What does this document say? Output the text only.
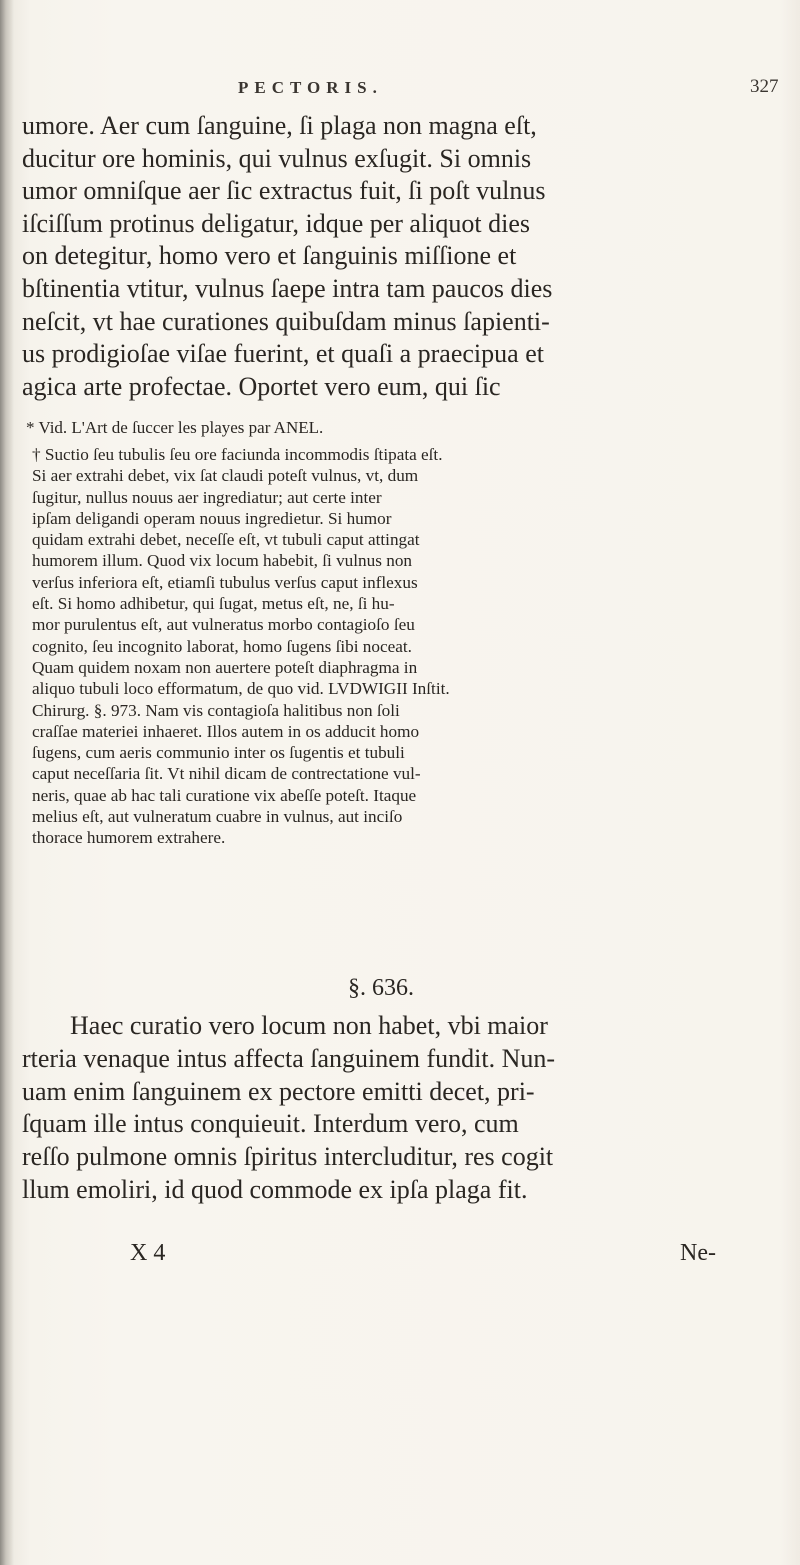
PECTORIS.	327
umore. Aer cum ſanguine, ſi plaga non magna eſt,
ducitur ore hominis, qui vulnus exſugit. Si omnis
umor omniſque aer ſic extractus fuit, ſi poſt vulnus
iſciſſum protinus deligatur, idque per aliquot dies
on detegitur, homo vero et ſanguinis miſſione et
bſtinentia vtitur, vulnus ſaepe intra tam paucos dies
neſcit, vt hae curationes quibuſdam minus ſapienti-
us prodigioſae viſae fuerint, et quaſi a praecipua et
agica arte profectae. Oportet vero eum, qui ſic
* Vid. L'Art de ſuccer les playes par ANEL.
† Suctio ſeu tubulis ſeu ore faciunda incommodis ſtipata eſt.
Si aer extrahi debet, vix ſat claudi poteſt vulnus, vt, dum
ſugitur, nullus nouus aer ingrediatur; aut certe inter
ipſam deligandi operam nouus ingredietur. Si humor
quidam extrahi debet, neceſſe eſt, vt tubuli caput attingat
humorem illum. Quod vix locum habebit, ſi vulnus non
verſus inferiora eſt, etiamſi tubulus verſus caput inflexus
eſt. Si homo adhibetur, qui ſugat, metus eſt, ne, ſi hu-
mor purulentus eſt, aut vulneratus morbo contagioſo ſeu
cognito, ſeu incognito laborat, homo ſugens ſibi noceat.
Quam quidem noxam non auertere poteſt diaphragma in
aliquo tubuli loco efformatum, de quo vid. LVDWIGII Inſtit.
Chirurg. §. 973. Nam vis contagioſa halitibus non ſoli
craſſae materiei inhaeret. Illos autem in os adducit homo
ſugens, cum aeris communio inter os ſugentis et tubuli
caput neceſſaria ſit. Vt nihil dicam de contrectatione vul-
neris, quae ab hac tali curatione vix abeſſe poteſt. Itaque
melius eſt, aut vulneratum cuabre in vulnus, aut inciſo
thorace humorem extrahere.
§. 636.
Haec curatio vero locum non habet, vbi maior
rteria venaque intus affecta ſanguinem fundit. Nun-
uam enim ſanguinem ex pectore emitti decet, pri-
ſquam ille intus conquieuit. Interdum vero, cum
reſſo pulmone omnis ſpiritus intercluditur, res cogit
llum emoliri, id quod commode ex ipſa plaga fit.
X 4	Ne-
